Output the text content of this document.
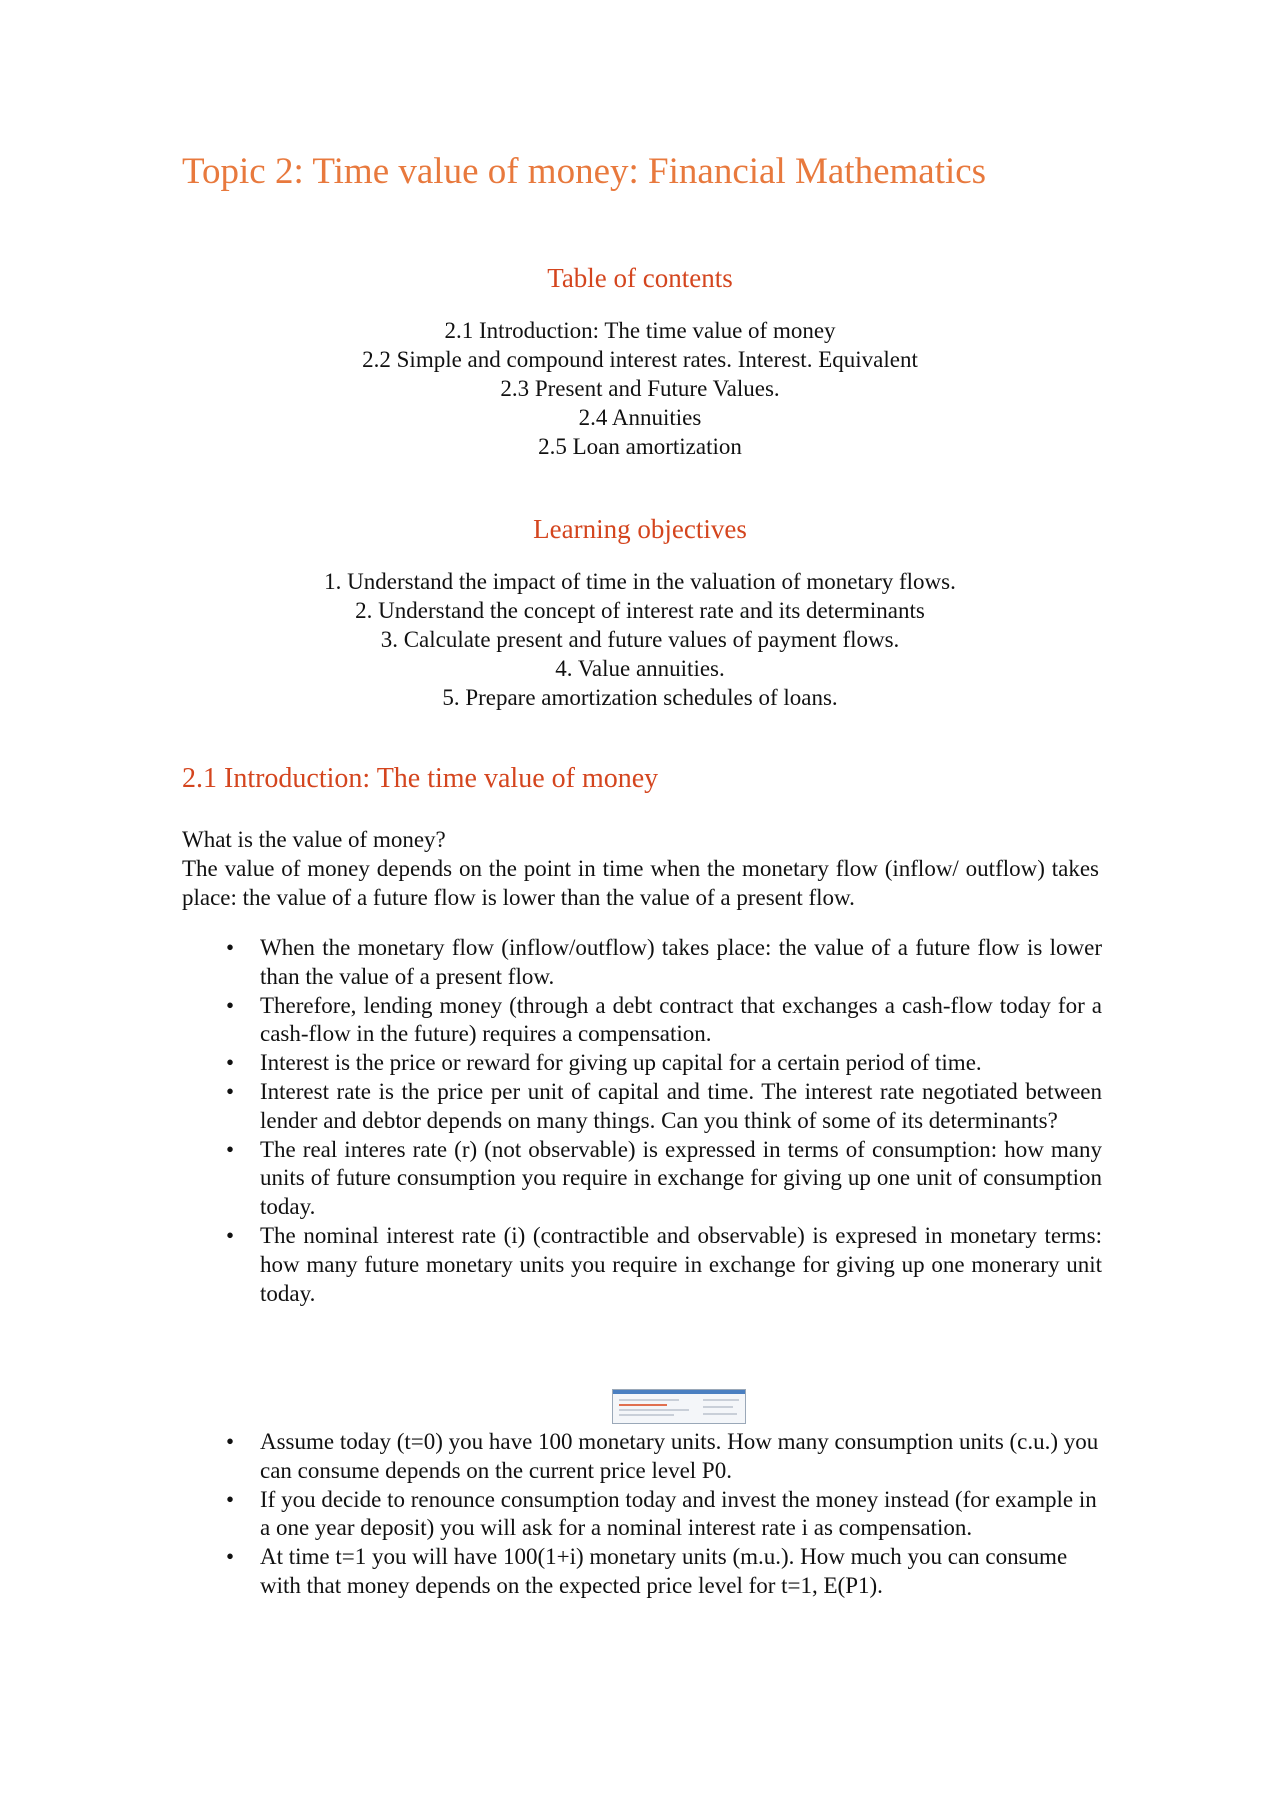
Topic 2: Time value of money: Financial Mathematics
Table of contents
2.1 Introduction: The time value of money
2.2 Simple and compound interest rates. Interest. Equivalent
2.3 Present and Future Values.
2.4 Annuities
2.5 Loan amortization
Learning objectives
1. Understand the impact of time in the valuation of monetary flows.
2. Understand the concept of interest rate and its determinants
3. Calculate present and future values of payment flows.
4. Value annuities.
5. Prepare amortization schedules of loans.
2.1 Introduction: The time value of money

What is the value of money?

The value of money depends on the point in time when the monetary flow (inflow/ outflow) takes place: the value of a future flow is lower than the value of a present flow.

• When the monetary flow (inflow/outflow) takes place: the value of a future flow is lower than the value of a present flow.
• Therefore, lending money (through a debt contract that exchanges a cash-flow today for a cash-flow in the future) requires a compensation.
• Interest is the price or reward for giving up capital for a certain period of time.
• Interest rate is the price per unit of capital and time. The interest rate negotiated between lender and debtor depends on many things. Can you think of some of its determinants?
• The real interes rate (r) (not observable) is expressed in terms of consumption: how many units of future consumption you require in exchange for giving up one unit of consumption today.
• The nominal interest rate (i) (contractible and observable) is expresed in monetary terms: how many future monetary units you require in exchange for giving up one monerary unit today.
• Assume today (t=0) you have 100 monetary units. How many consumption units (c.u.) you can consume depends on the current price level P0.
• If you decide to renounce consumption today and invest the money instead (for example in a one year deposit) you will ask for a nominal interest rate i as compensation.
• At time t=1 you will have 100(1+i) monetary units (m.u.). How much you can consume with that money depends on the expected price level for t=1, E(P1).
